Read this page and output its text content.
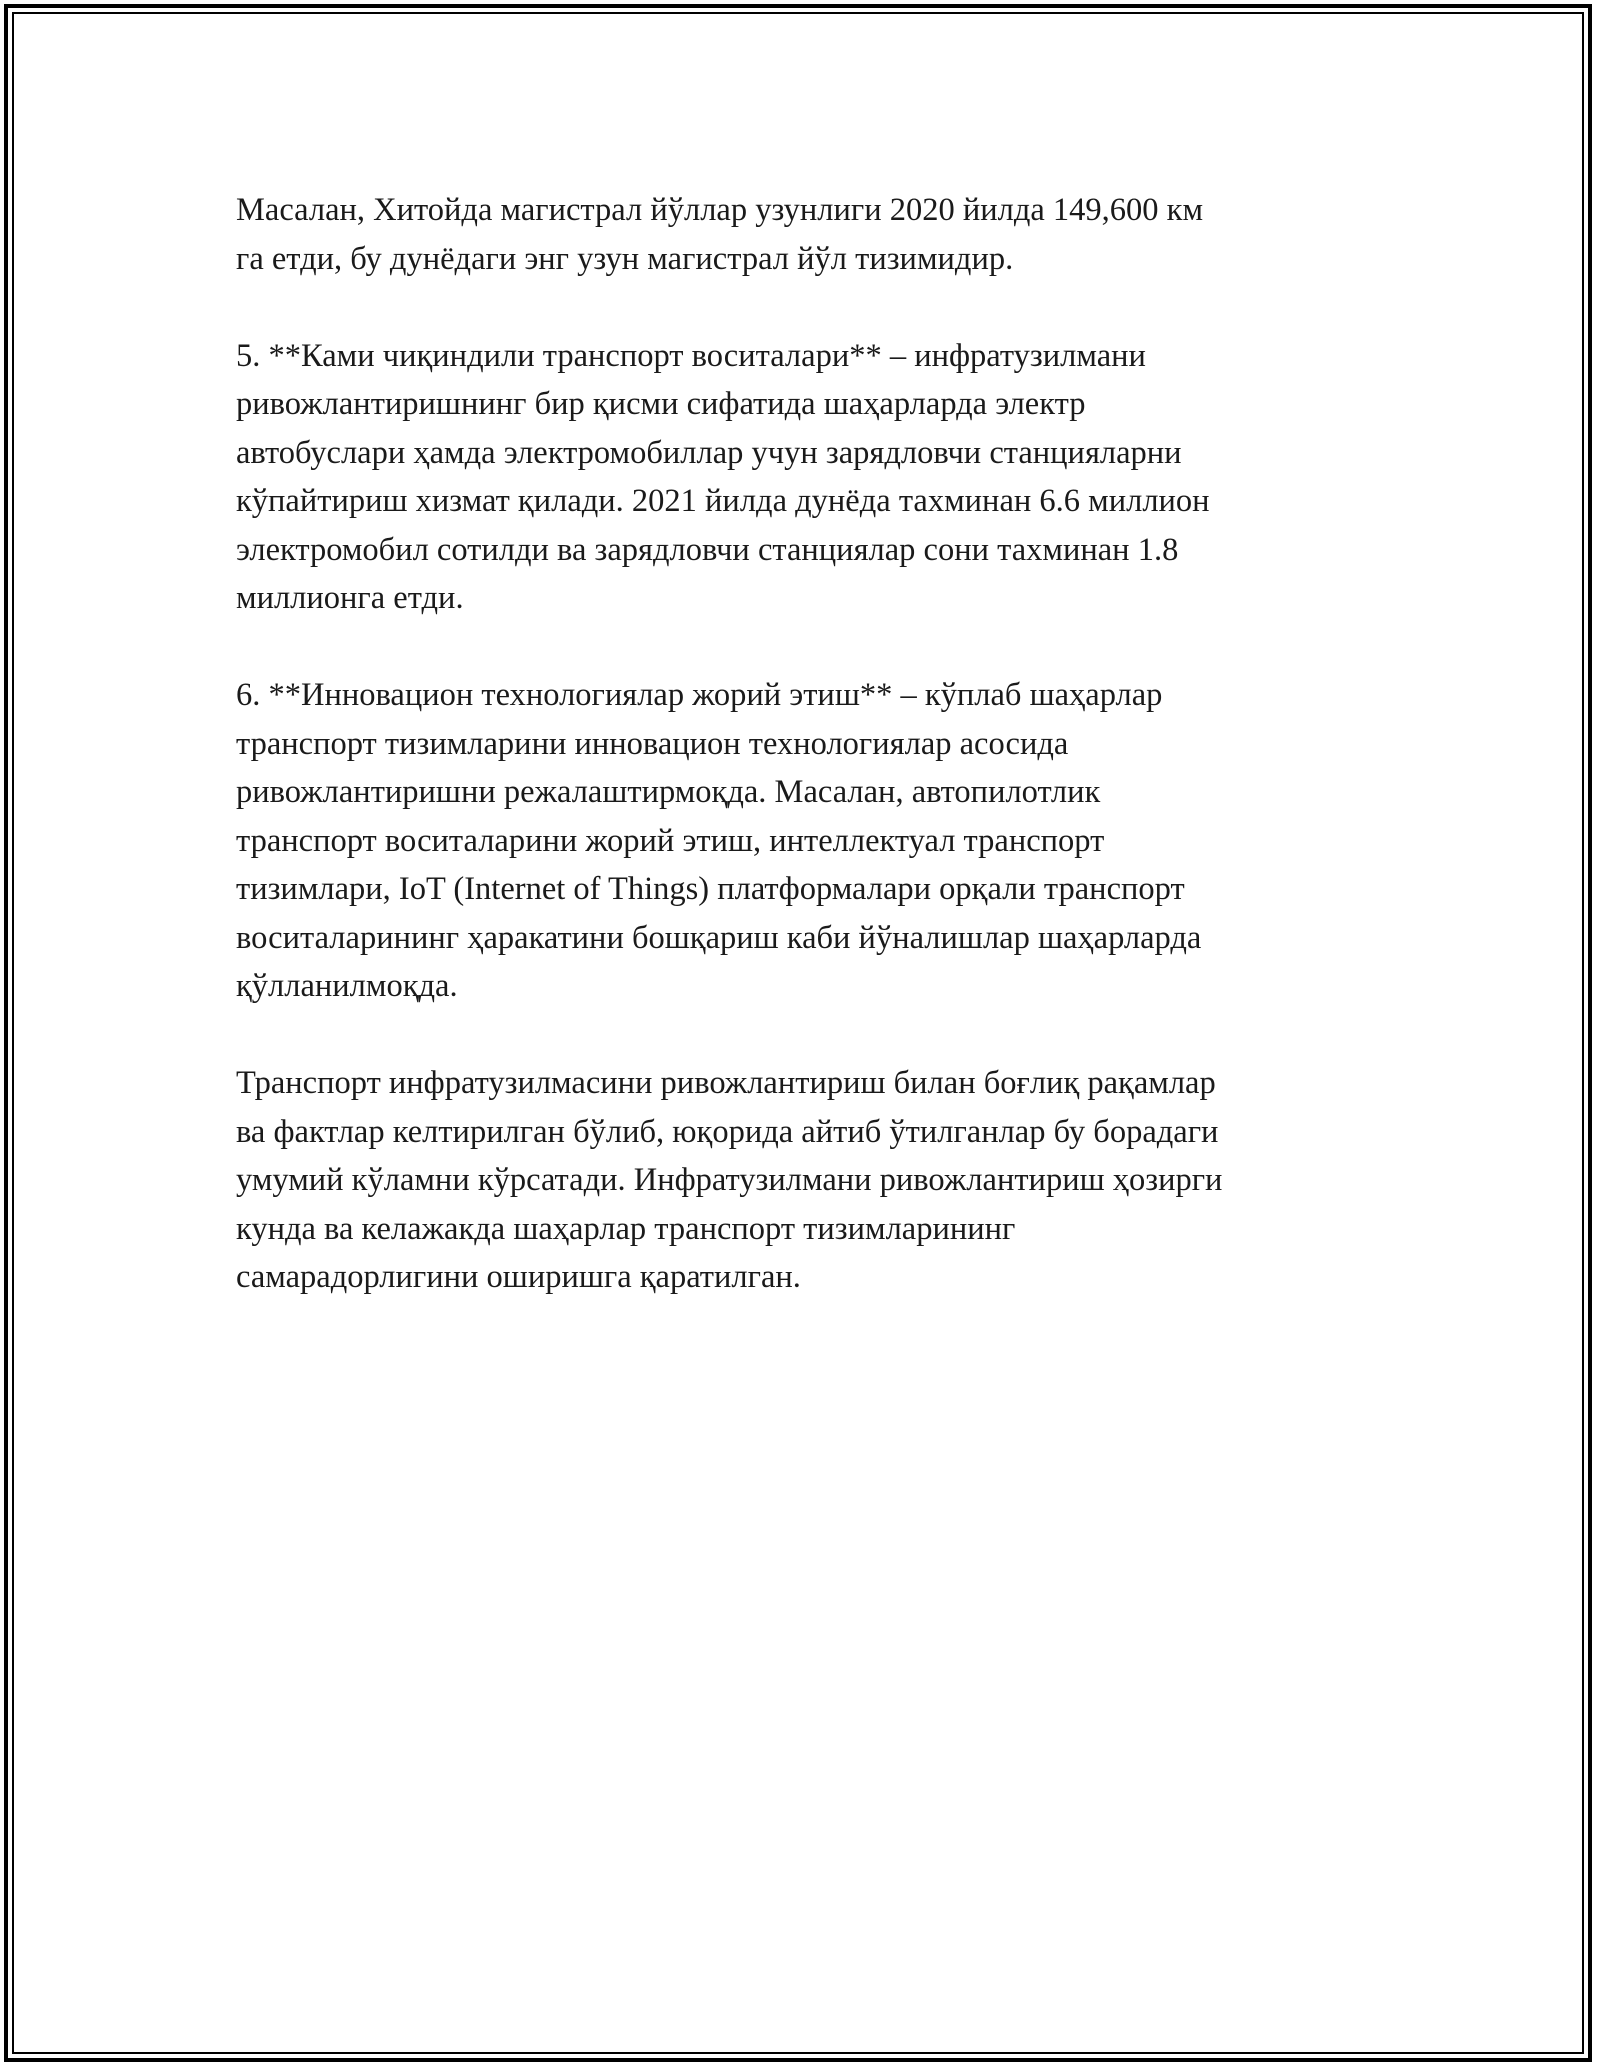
Масалан, Хитойда магистрал йўллар узунлиги 2020 йилда 149,600 км
га етди, бу дунёдаги энг узун магистрал йўл тизимидир.

5. **Ками чиқиндили транспорт воситалари** – инфратузилмани
ривожлантиришнинг бир қисми сифатида шаҳарларда электр
автобуслари ҳамда электромобиллар учун зарядловчи станцияларни
кўпайтириш хизмат қилади. 2021 йилда дунёда тахминан 6.6 миллион
электромобил сотилди ва зарядловчи станциялар сони тахминан 1.8
миллионга етди.

6. **Инновацион технологиялар жорий этиш** – кўплаб шаҳарлар
транспорт тизимларини инновацион технологиялар асосида
ривожлантиришни режалаштирмоқда. Масалан, автопилотлик
транспорт воситаларини жорий этиш, интеллектуал транспорт
тизимлари, IoT (Internet of Things) платформалари орқали транспорт
воситаларининг ҳаракатини бошқариш каби йўналишлар шаҳарларда
қўлланилмоқда.

Транспорт инфратузилмасини ривожлантириш билан боғлиқ рақамлар
ва фактлар келтирилган бўлиб, юқорида айтиб ўтилганлар бу борадаги
умумий кўламни кўрсатади. Инфратузилмани ривожлантириш ҳозирги
кунда ва келажакда шаҳарлар транспорт тизимларининг
самарадорлигини оширишга қаратилган.
